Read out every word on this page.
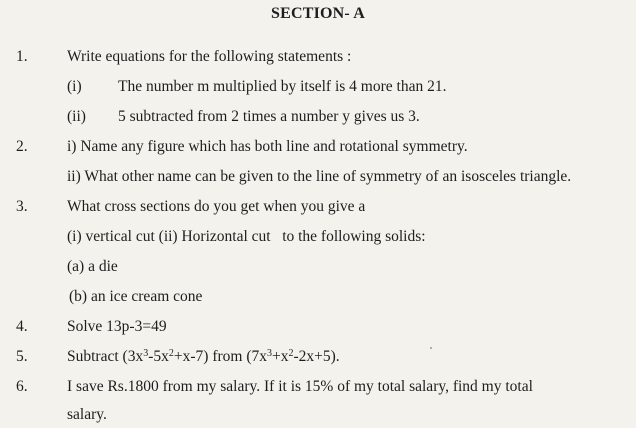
SECTION- A
1.	Write equations for the following statements :
(i) The number m multiplied by itself is 4 more than 21.
(ii) 5 subtracted from 2 times a number y gives us 3.
2.	i) Name any figure which has both line and rotational symmetry.
ii) What other name can be given to the line of symmetry of an isosceles triangle.
3.	What cross sections do you get when you give a
(i) vertical cut (ii) Horizontal cut   to the following solids:
(a) a die
(b) an ice cream cone
4.	Solve 13p-3=49
5.	Subtract $(3x^3-5x^2+x-7)$ from $(7x^3+x^2-2x+5)$.
6.	I save Rs.1800 from my salary. If it is 15% of my total salary, find my total
salary.
